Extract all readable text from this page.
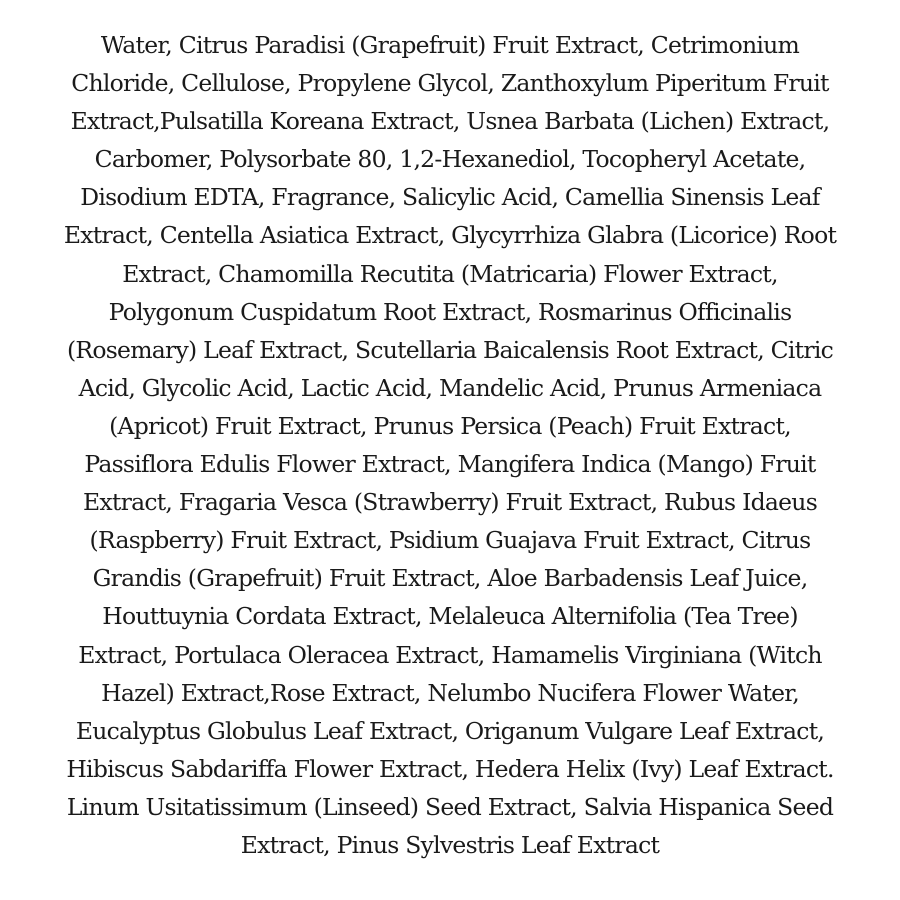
Water, Citrus Paradisi (Grapefruit) Fruit Extract, Cetrimonium
Chloride, Cellulose, Propylene Glycol, Zanthoxylum Piperitum Fruit
Extract,Pulsatilla Koreana Extract, Usnea Barbata (Lichen) Extract,
Carbomer, Polysorbate 80, 1,2-Hexanediol, Tocopheryl Acetate,
Disodium EDTA, Fragrance, Salicylic Acid, Camellia Sinensis Leaf
Extract, Centella Asiatica Extract, Glycyrrhiza Glabra (Licorice) Root
Extract, Chamomilla Recutita (Matricaria) Flower Extract,
Polygonum Cuspidatum Root Extract, Rosmarinus Officinalis
(Rosemary) Leaf Extract, Scutellaria Baicalensis Root Extract, Citric
Acid, Glycolic Acid, Lactic Acid, Mandelic Acid, Prunus Armeniaca
(Apricot) Fruit Extract, Prunus Persica (Peach) Fruit Extract,
Passiflora Edulis Flower Extract, Mangifera Indica (Mango) Fruit
Extract, Fragaria Vesca (Strawberry) Fruit Extract, Rubus Idaeus
(Raspberry) Fruit Extract, Psidium Guajava Fruit Extract, Citrus
Grandis (Grapefruit) Fruit Extract, Aloe Barbadensis Leaf Juice,
Houttuynia Cordata Extract, Melaleuca Alternifolia (Tea Tree)
Extract, Portulaca Oleracea Extract, Hamamelis Virginiana (Witch
Hazel) Extract,Rose Extract, Nelumbo Nucifera Flower Water,
Eucalyptus Globulus Leaf Extract, Origanum Vulgare Leaf Extract,
Hibiscus Sabdariffa Flower Extract, Hedera Helix (Ivy) Leaf Extract.
Linum Usitatissimum (Linseed) Seed Extract, Salvia Hispanica Seed
Extract, Pinus Sylvestris Leaf Extract
